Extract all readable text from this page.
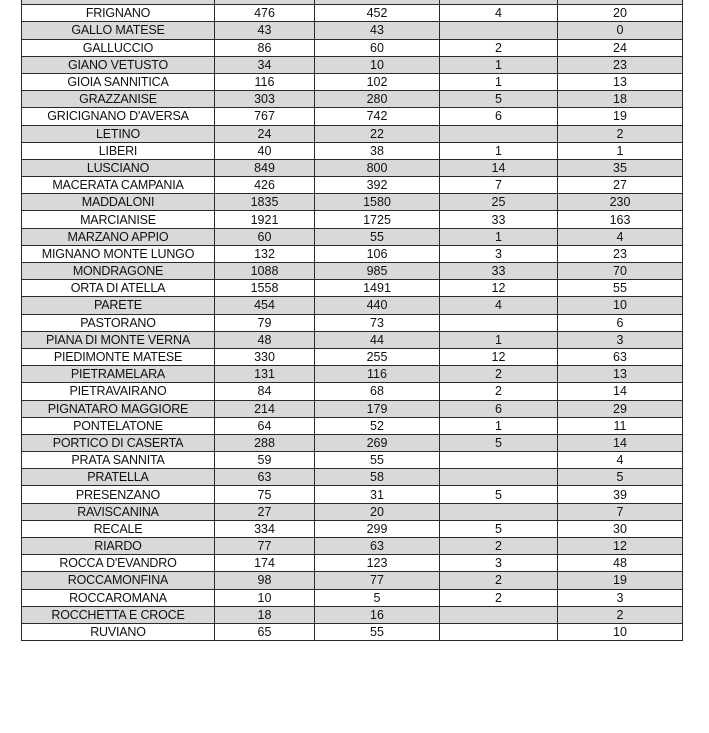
FRIGNANO	476	452	4	20
GALLO MATESE	43	43		0
GALLUCCIO	86	60	2	24
GIANO VETUSTO	34	10	1	23
GIOIA SANNITICA	116	102	1	13
GRAZZANISE	303	280	5	18
GRICIGNANO D'AVERSA	767	742	6	19
LETINO	24	22		2
LIBERI	40	38	1	1
LUSCIANO	849	800	14	35
MACERATA CAMPANIA	426	392	7	27
MADDALONI	1835	1580	25	230
MARCIANISE	1921	1725	33	163
MARZANO APPIO	60	55	1	4
MIGNANO MONTE LUNGO	132	106	3	23
MONDRAGONE	1088	985	33	70
ORTA DI ATELLA	1558	1491	12	55
PARETE	454	440	4	10
PASTORANO	79	73		6
PIANA DI MONTE VERNA	48	44	1	3
PIEDIMONTE MATESE	330	255	12	63
PIETRAMELARA	131	116	2	13
PIETRAVAIRANO	84	68	2	14
PIGNATARO MAGGIORE	214	179	6	29
PONTELATONE	64	52	1	11
PORTICO DI CASERTA	288	269	5	14
PRATA SANNITA	59	55		4
PRATELLA	63	58		5
PRESENZANO	75	31	5	39
RAVISCANINA	27	20		7
RECALE	334	299	5	30
RIARDO	77	63	2	12
ROCCA D'EVANDRO	174	123	3	48
ROCCAMONFINA	98	77	2	19
ROCCAROMANA	10	5	2	3
ROCCHETTA E CROCE	18	16		2
RUVIANO	65	55		10
